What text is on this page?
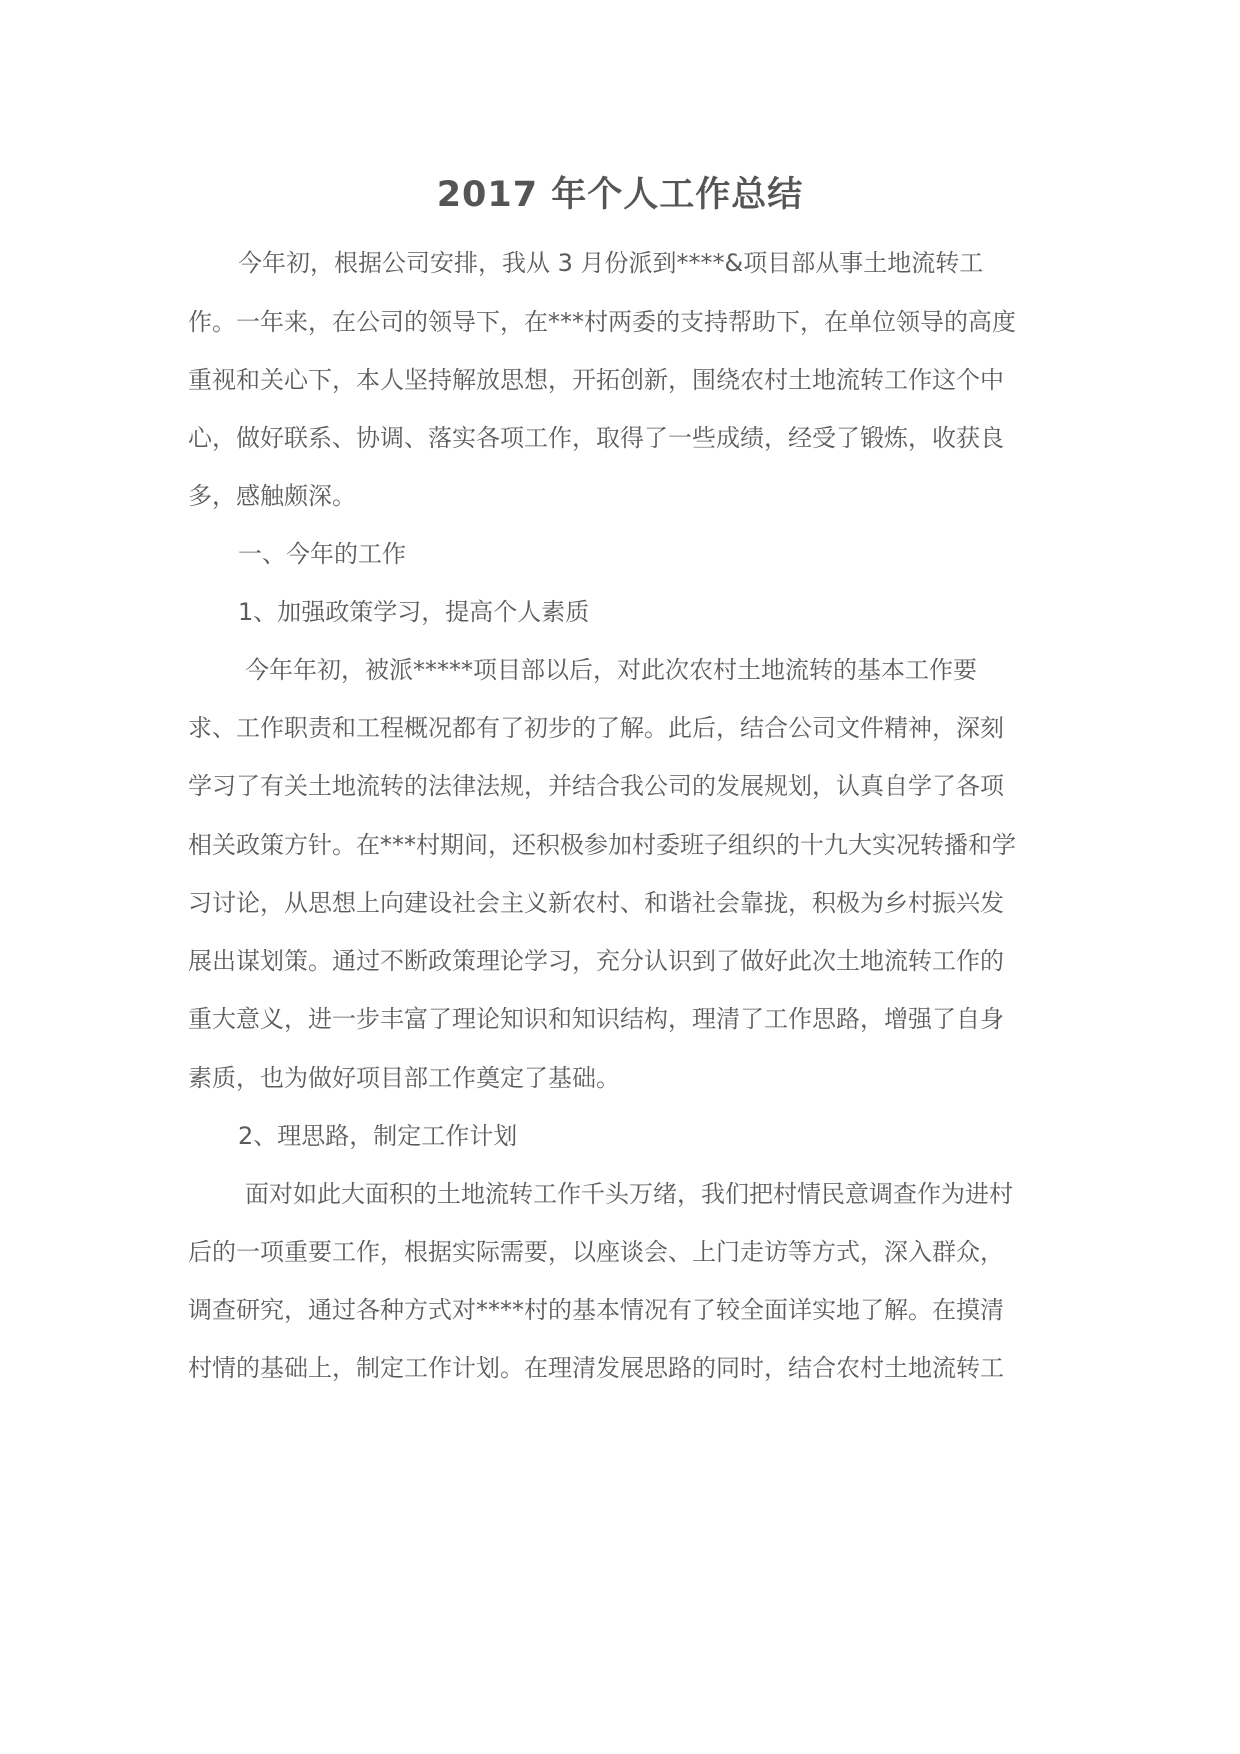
2017 年个人工作总结
今年初，根据公司安排，我从 3 月份派到****&项目部从事土地流转工
作。一年来，在公司的领导下，在***村两委的支持帮助下，在单位领导的高度
重视和关心下，本人坚持解放思想，开拓创新，围绕农村土地流转工作这个中
心，做好联系、协调、落实各项工作，取得了一些成绩，经受了锻炼，收获良
多，感触颇深。
一、今年的工作
1、加强政策学习，提高个人素质
今年年初，被派*****项目部以后，对此次农村土地流转的基本工作要
求、工作职责和工程概况都有了初步的了解。此后，结合公司文件精神，深刻
学习了有关土地流转的法律法规，并结合我公司的发展规划，认真自学了各项
相关政策方针。在***村期间，还积极参加村委班子组织的十九大实况转播和学
习讨论，从思想上向建设社会主义新农村、和谐社会靠拢，积极为乡村振兴发
展出谋划策。通过不断政策理论学习，充分认识到了做好此次土地流转工作的
重大意义，进一步丰富了理论知识和知识结构，理清了工作思路，增强了自身
素质，也为做好项目部工作奠定了基础。
2、理思路，制定工作计划
面对如此大面积的土地流转工作千头万绪，我们把村情民意调查作为进村
后的一项重要工作，根据实际需要，以座谈会、上门走访等方式，深入群众，
调查研究，通过各种方式对****村的基本情况有了较全面详实地了解。在摸清
村情的基础上，制定工作计划。在理清发展思路的同时，结合农村土地流转工
